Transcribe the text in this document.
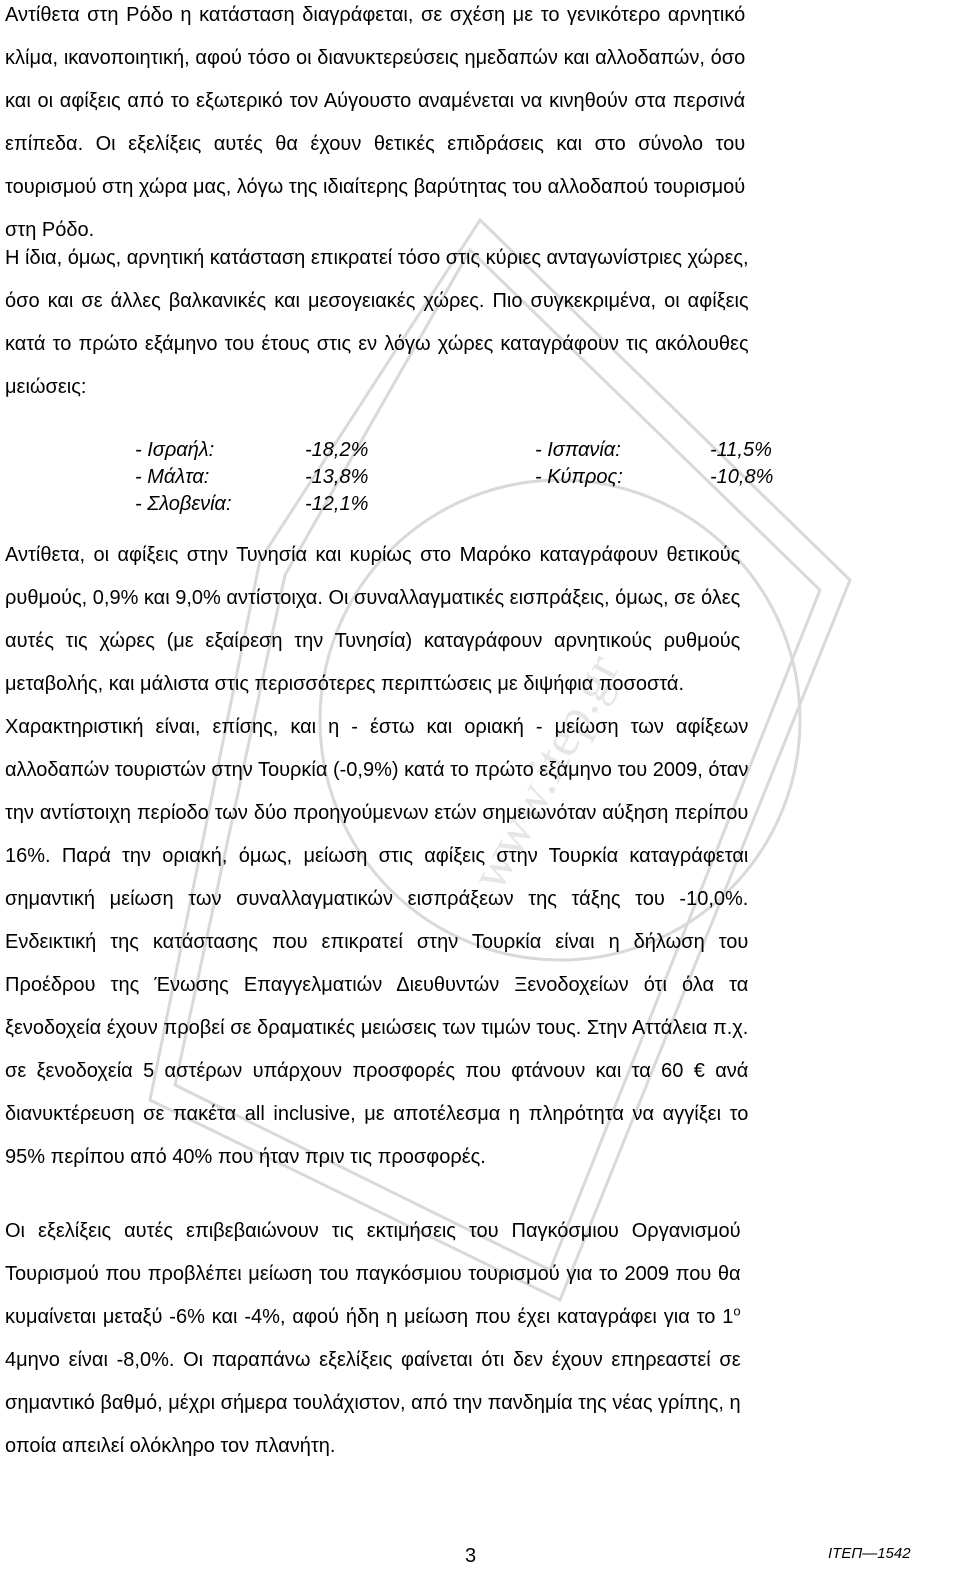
www.itep.gr

Αντίθετα στη Ρόδο η κατάσταση διαγράφεται, σε σχέση με το γενικότερο αρνητικό
κλίμα, ικανοποιητική, αφού τόσο οι διανυκτερεύσεις ημεδαπών και αλλοδαπών, όσο
και οι αφίξεις από το εξωτερικό τον Αύγουστο αναμένεται να κινηθούν στα περσινά
επίπεδα. Οι εξελίξεις αυτές θα έχουν θετικές επιδράσεις και στο σύνολο του
τουρισμού στη χώρα μας, λόγω της ιδιαίτερης βαρύτητας του αλλοδαπού τουρισμού
στη Ρόδο.

Η ίδια, όμως, αρνητική κατάσταση επικρατεί τόσο στις κύριες ανταγωνίστριες χώρες,
όσο και σε άλλες βαλκανικές και μεσογειακές χώρες. Πιο συγκεκριμένα, οι αφίξεις
κατά το πρώτο εξάμηνο του έτους στις εν λόγω χώρες καταγράφουν τις ακόλουθες
μειώσεις:

- Ισραήλ:	-18,2%	- Ισπανία:	-11,5%
- Μάλτα:	-13,8%	- Κύπρος:	-10,8%
- Σλοβενία:	-12,1%

Αντίθετα, οι αφίξεις στην Τυνησία και κυρίως στο Μαρόκο καταγράφουν θετικούς
ρυθμούς, 0,9% και 9,0% αντίστοιχα. Οι συναλλαγματικές εισπράξεις, όμως, σε όλες
αυτές τις χώρες (με εξαίρεση την Τυνησία) καταγράφουν αρνητικούς ρυθμούς
μεταβολής, και μάλιστα στις περισσότερες περιπτώσεις με διψήφια ποσοστά.

Χαρακτηριστική είναι, επίσης, και η - έστω και οριακή - μείωση των αφίξεων
αλλοδαπών τουριστών στην Τουρκία (-0,9%) κατά το πρώτο εξάμηνο του 2009, όταν
την αντίστοιχη περίοδο των δύο προηγούμενων ετών σημειωνόταν αύξηση περίπου
16%. Παρά την οριακή, όμως, μείωση στις αφίξεις στην Τουρκία καταγράφεται
σημαντική μείωση των συναλλαγματικών εισπράξεων της τάξης του -10,0%.
Ενδεικτική της κατάστασης που επικρατεί στην Τουρκία είναι η δήλωση του
Προέδρου της Ένωσης Επαγγελματιών Διευθυντών Ξενοδοχείων ότι όλα τα
ξενοδοχεία έχουν προβεί σε δραματικές μειώσεις των τιμών τους. Στην Αττάλεια π.χ.
σε ξενοδοχεία 5 αστέρων υπάρχουν προσφορές που φτάνουν και τα 60 € ανά
διανυκτέρευση σε πακέτα all inclusive, με αποτέλεσμα η πληρότητα να αγγίξει το
95% περίπου από 40% που ήταν πριν τις προσφορές.

Οι εξελίξεις αυτές επιβεβαιώνουν τις εκτιμήσεις του Παγκόσμιου Οργανισμού
Τουρισμού που προβλέπει μείωση του παγκόσμιου τουρισμού για το 2009 που θα
κυμαίνεται μεταξύ -6% και -4%, αφού ήδη η μείωση που έχει καταγράφει για το $1^o$
4μηνο είναι -8,0%. Οι παραπάνω εξελίξεις φαίνεται ότι δεν έχουν επηρεαστεί σε
σημαντικό βαθμό, μέχρι σήμερα τουλάχιστον, από την πανδημία της νέας γρίπης, η
οποία απειλεί ολόκληρο τον πλανήτη.

3	ΙΤΕΠ—1542
